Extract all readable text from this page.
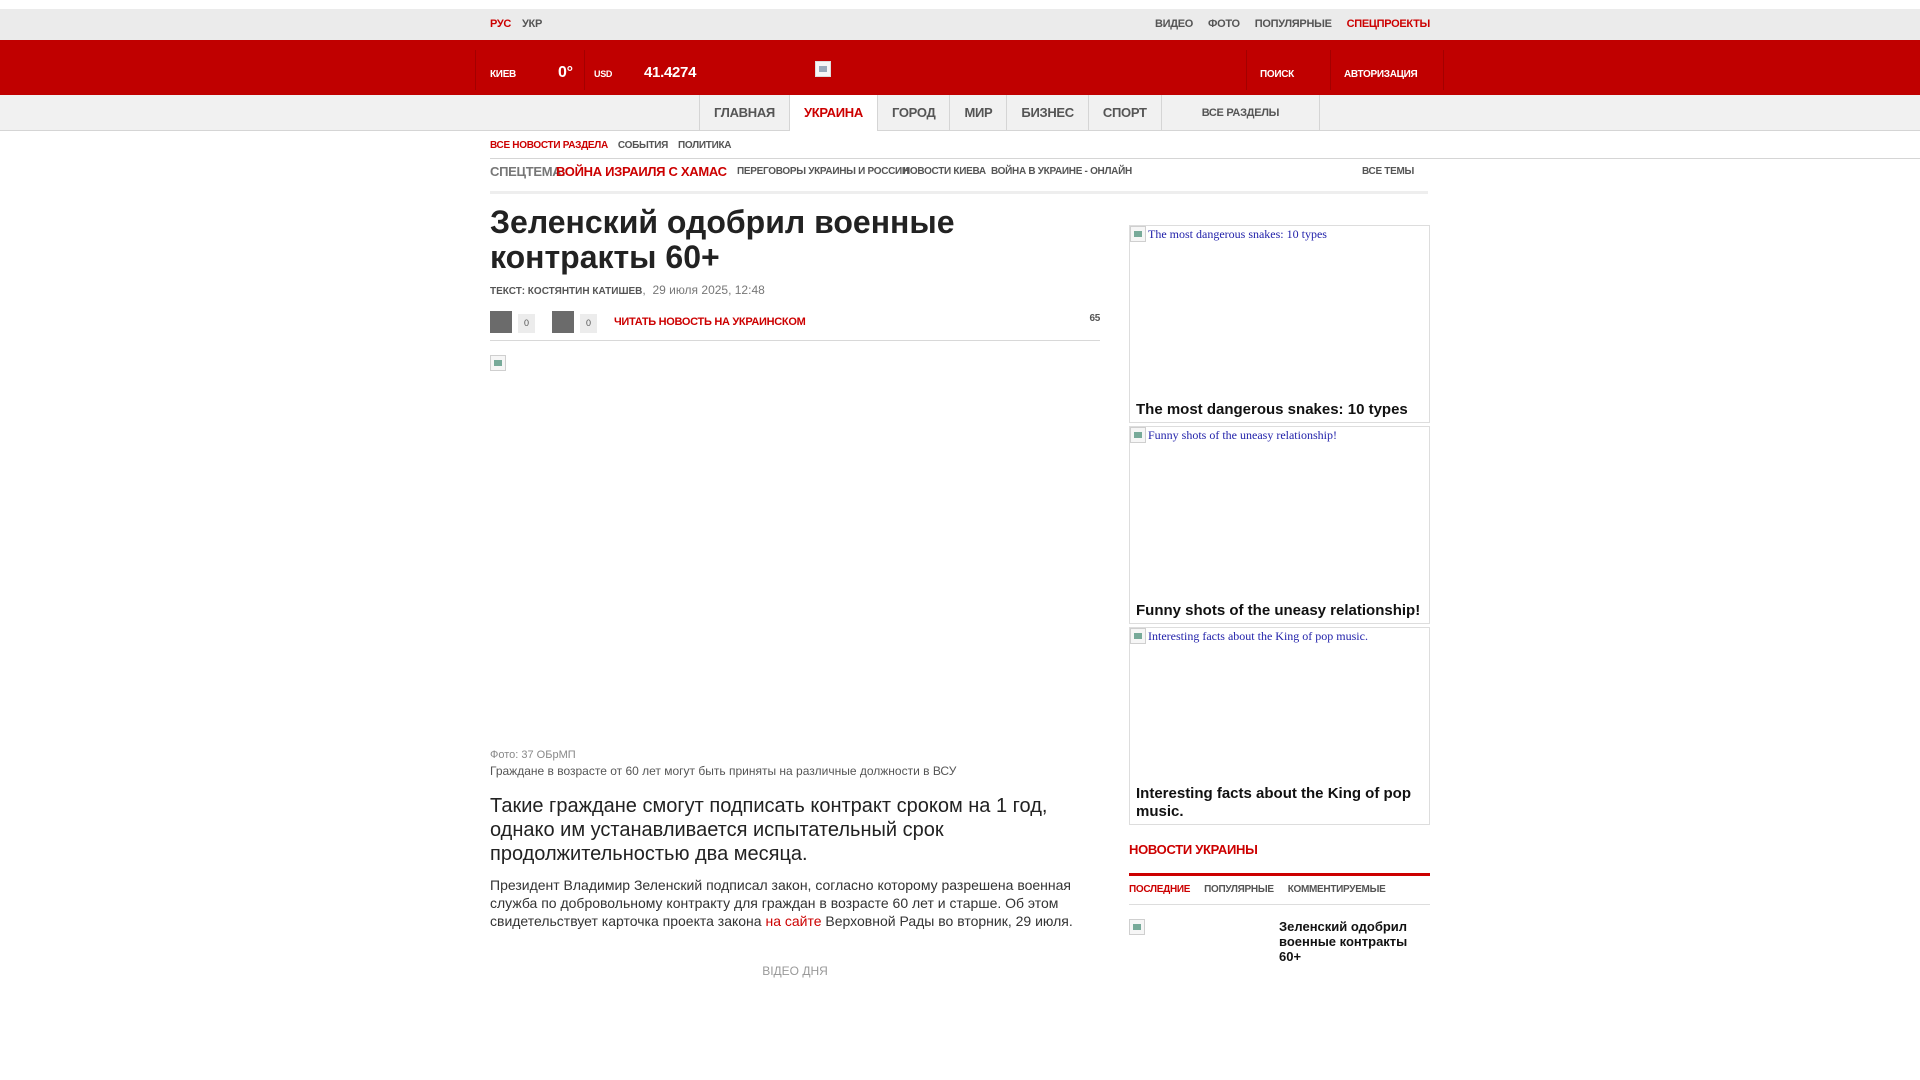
РУС УКР	ВИДЕО ФОТО ПОПУЛЯРНЫЕ СПЕЦПРОЕКТЫ
КИЕВ	0° USD 41.4274	ПОИСК	АВТОРИЗАЦИЯ
ГЛАВНАЯ	УКРАИНА	ГОРОД	МИР	БИЗНЕС	СПОРТ	ВСЕ РАЗДЕЛЫ
ВСЕ НОВОСТИ РАЗДЕЛА СОБЫТИЯ ПОЛИТИКА
СПЕЦТЕМА:
ВОЙНА ИЗРАИЛЯ С ХАМАС ПЕРЕГОВОРЫ УКРАИНЫ И РОССИИ
НОВОСТИ КИЕВА ВОЙНА В УКРАИНЕ - ОНЛАЙН	ВСЕ ТЕМЫ
Зеленский одобрил военные контракты 60+
ТЕКСТ: КОСТЯНТИН КАТИШЕВ,  29 июля 2025, 12:48
0	0	ЧИТАТЬ НОВОСТЬ НА УКРАИНСКОМ	65
Фото: 37 ОБрМП
Граждане в возрасте от 60 лет могут быть приняты на различные должности в ВСУ

Такие граждане смогут подписать контракт сроком на 1 год, однако им устанавливается испытательный срок продолжительностью два месяца.

Президент Владимир Зеленский подписал закон, согласно которому разрешена военная служба по добровольному контракту для граждан в возрасте 60 лет и старше. Об этом свидетельствует карточка проекта закона на сайте Верховной Рады во вторник, 29 июля.

ВІДЕО ДНЯ
The most dangerous snakes: 10 types
The most dangerous snakes: 10 types
Funny shots of the uneasy relationship!
Funny shots of the uneasy relationship!
Interesting facts about the King of pop music.
Interesting facts about the King of pop music.
НОВОСТИ УКРАИНЫ
ПОСЛЕДНИЕ ПОПУЛЯРНЫЕ КОММЕНТИРУЕМЫЕ
Зеленский одобрил военные контракты 60+
